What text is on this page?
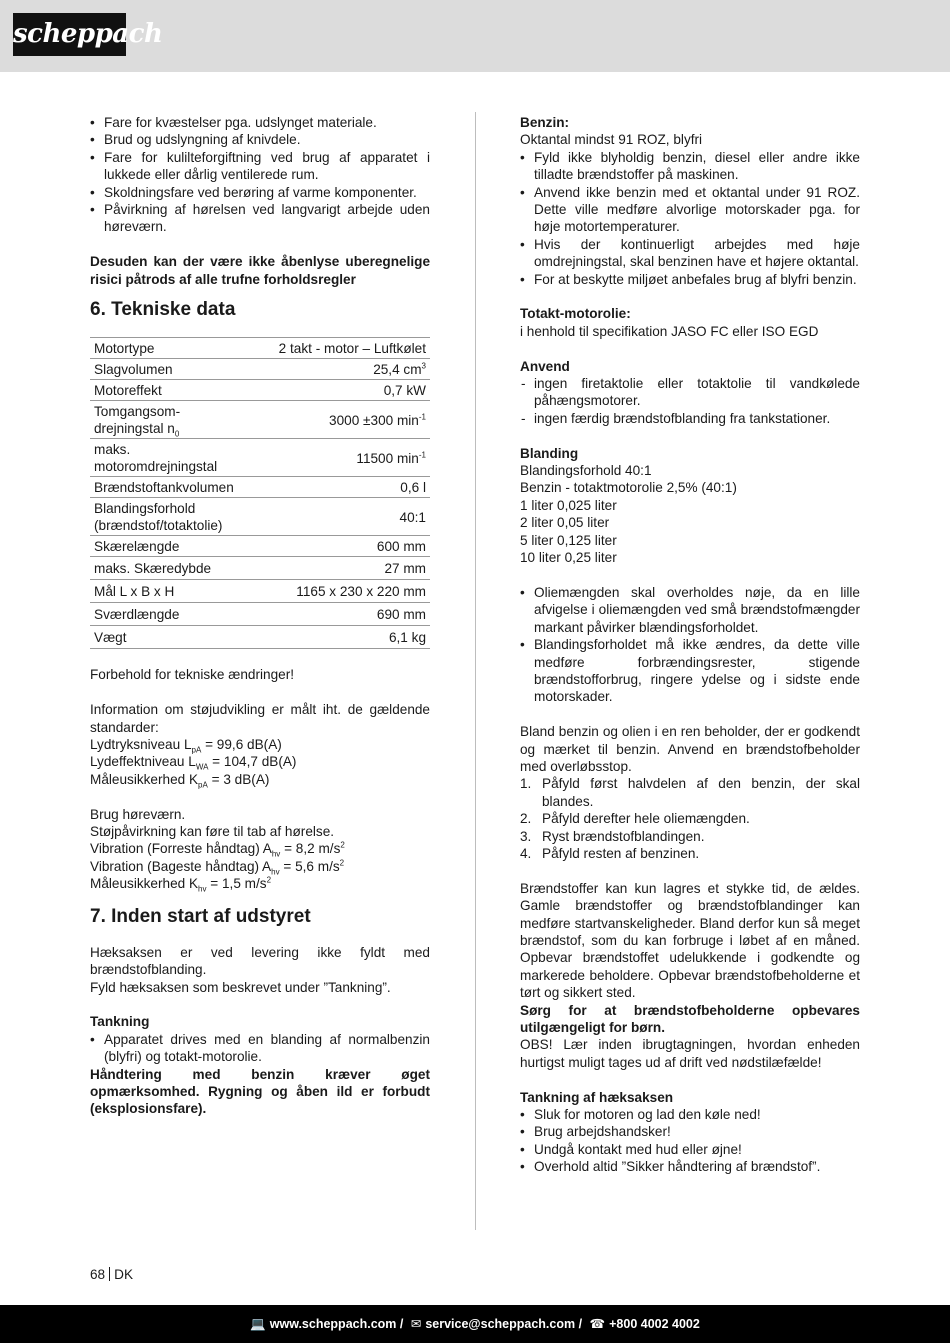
scheppach
• Fare for kvæstelser pga. udslynget materiale.
• Brud og udslyngning af knivdele.
• Fare for kulilteforgiftning ved brug af apparatet i lukkede eller dårlig ventilerede rum.
• Skoldningsfare ved berøring af varme komponenter.
• Påvirkning af hørelsen ved langvarigt arbejde uden høreværn.

Desuden kan der være ikke åbenlyse uberegnelige risici påtrods af alle trufne forholdsregler

6. Tekniske data
Motortype	2 takt - motor – Luftkølet
Slagvolumen	25,4 $cm^3$
Motoreffekt	0,7 kW
Tomgangsom-drejningstal $n_0$	3000 ±300 $\min^{-1}$
maks. motoromdrejningstal	11500 $\min^{-1}$
Brændstoftankvolumen	0,6 l
Blandingsforhold (brændstof/totaktolie)	40:1
Skærelængde	600 mm
maks. Skæredybde	27 mm
Mål L x B x H	1165 x 230 x 220 mm
Sværdlængde	690 mm
Vægt	6,1 kg

Forbehold for tekniske ændringer!

Information om støjudvikling er målt iht. de gældende standarder:

Lydtryksniveau $L_{pA} = 99,6$ dB(A)

Lydeffektniveau $L_{WA} = 104,7$ dB(A)

Måleusikkerhed $K_{pA} = 3$ dB(A)

Brug høreværn.

Støjpåvirkning kan føre til tab af hørelse.

Vibration (Forreste håndtag) $A_{hv} = 8,2$ $m/s^2$

Vibration (Bageste håndtag) $A_{hv} = 5,6$ $m/s^2$

Måleusikkerhed $K_{hv} = 1,5$ $m/s^2$

7. Inden start af udstyret

Hæksaksen er ved levering ikke fyldt med brændstofblanding.

Fyld hæksaksen som beskrevet under ”Tankning”.

Tankning

• Apparatet drives med en blanding af normalbenzin (blyfri) og totakt-motorolie.

Håndtering med benzin kræver øget opmærksomhed. Rygning og åben ild er forbudt (eksplosionsfare).

Benzin:

Oktantal mindst 91 ROZ, blyfri

• Fyld ikke blyholdig benzin, diesel eller andre ikke tilladte brændstoffer på maskinen.
• Anvend ikke benzin med et oktantal under 91 ROZ. Dette ville medføre alvorlige motorskader pga. for høje motortemperaturer.
• Hvis der kontinuerligt arbejdes med høje omdrejningstal, skal benzinen have et højere oktantal.
• For at beskytte miljøet anbefales brug af blyfri benzin.

Totakt-motorolie:

i henhold til specifikation JASO FC eller ISO EGD

Anvend

- ingen firetaktolie eller totaktolie til vandkølede påhængsmotorer.
- ingen færdig brændstofblanding fra tankstationer.

Blanding

Blandingsforhold 40:1

Benzin - totaktmotorolie 2,5% (40:1)

1 liter 0,025 liter

2 liter 0,05 liter

5 liter 0,125 liter

10 liter 0,25 liter

• Oliemængden skal overholdes nøje, da en lille afvigelse i oliemængden ved små brændstofmængder markant påvirker blændingsforholdet.
• Blandingsforholdet må ikke ændres, da dette ville medføre forbrændingsrester, stigende brændstofforbrug, ringere ydelse og i sidste ende motorskader.

Bland benzin og olien i en ren beholder, der er godkendt og mærket til benzin. Anvend en brændstofbeholder med overløbsstop.

1. Påfyld først halvdelen af den benzin, der skal blandes.
2. Påfyld derefter hele oliemængden.
3. Ryst brændstofblandingen.
4. Påfyld resten af benzinen.

Brændstoffer kan kun lagres et stykke tid, de ældes. Gamle brændstoffer og brændstofblandinger kan medføre startvanskeligheder. Bland derfor kun så meget brændstof, som du kan forbruge i løbet af en måned. Opbevar brændstoffet udelukkende i godkendte og markerede beholdere. Opbevar brændstofbeholderne et tørt og sikkert sted.

Sørg for at brændstofbeholderne opbevares utilgængeligt for børn.

OBS! Lær inden ibrugtagningen, hvordan enheden hurtigst muligt tages ud af drift ved nødstilæfælde!

Tankning af hæksaksen

• Sluk for motoren og lad den køle ned!
• Brug arbejdshandsker!
• Undgå kontakt med hud eller øjne!
• Overhold altid ”Sikker håndtering af brændstof”.
68 DK
💻 www.scheppach.com / ✉ service@scheppach.com / ☎ +800 4002 4002
